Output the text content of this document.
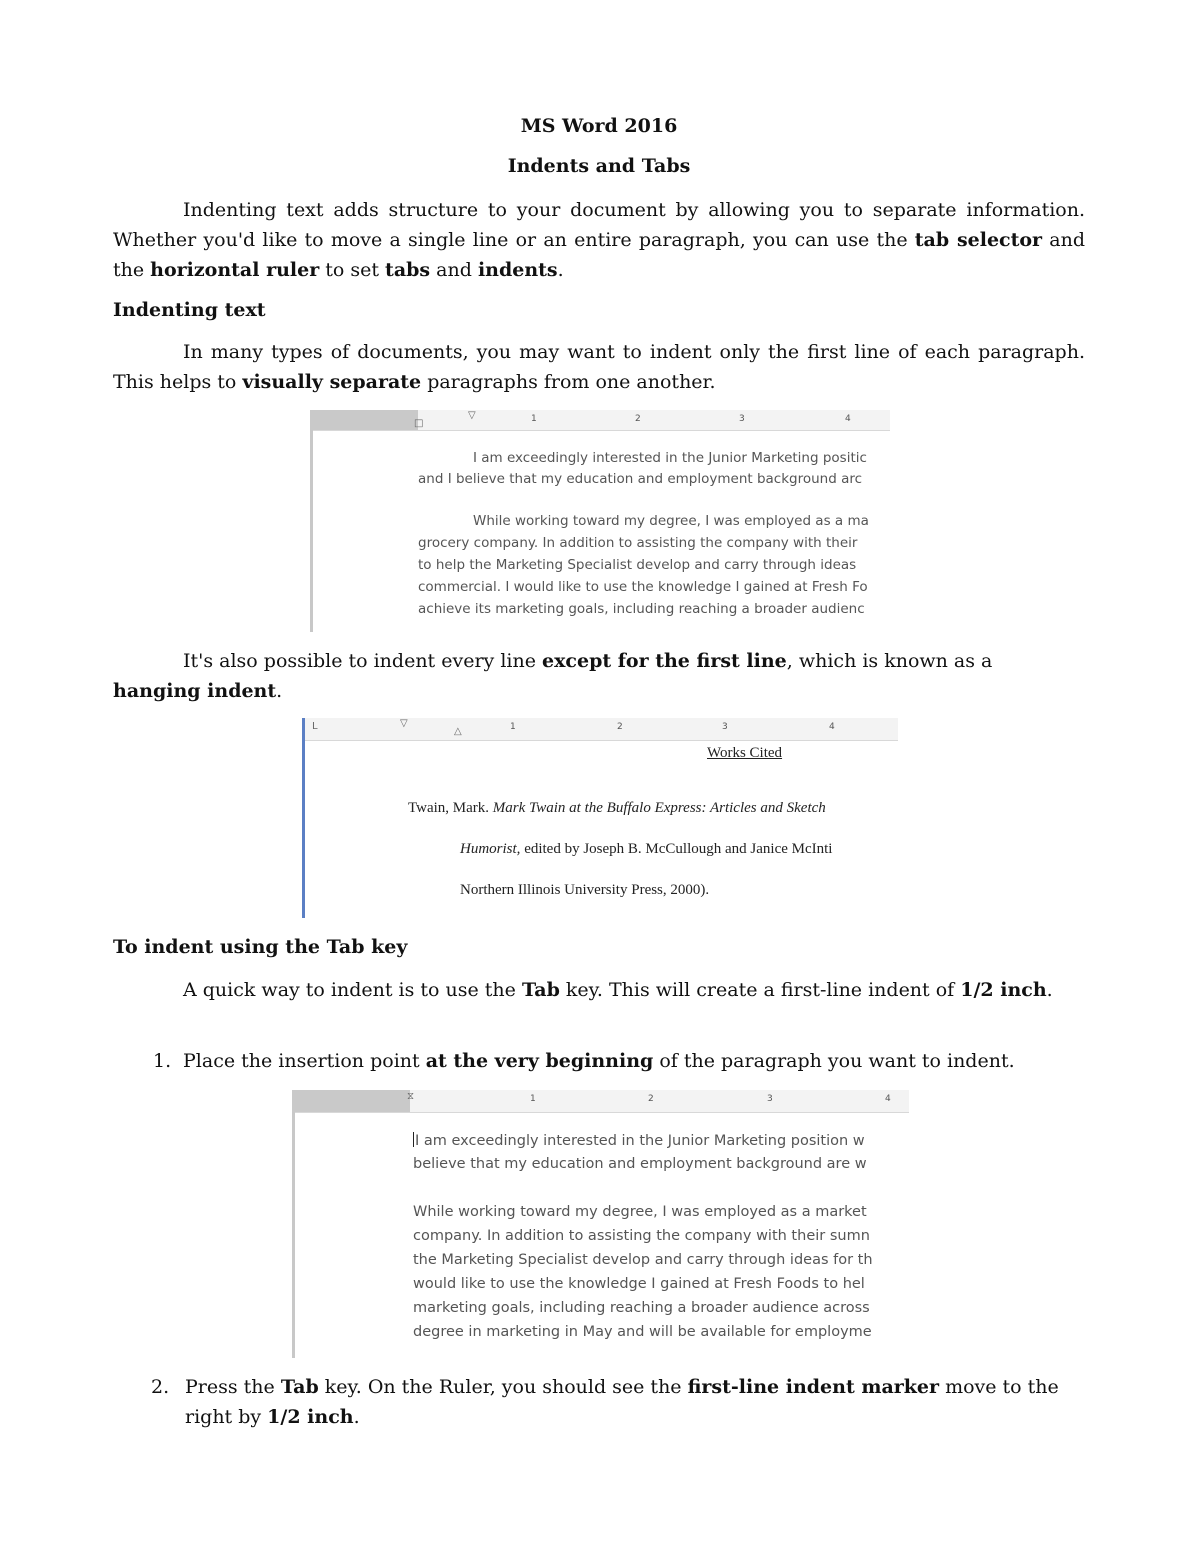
MS Word 2016

Indents and Tabs

Indenting text adds structure to your document by allowing you to separate information. Whether you'd like to move a single line or an entire paragraph, you can use the tab selector and the horizontal ruler to set tabs and indents.

Indenting text

In many types of documents, you may want to indent only the first line of each paragraph. This helps to visually separate paragraphs from one another.

▽
□	1	2	3	4
I am exceedingly interested in the Junior Marketing positic
and I believe that my education and employment background arc
While working toward my degree, I was employed as a ma
grocery company. In addition to assisting the company with their
to help the Marketing Specialist develop and carry through ideas
commercial. I would like to use the knowledge I gained at Fresh Fo
achieve its marketing goals, including reaching a broader audienc

It's also possible to indent every line except for the first line, which is known as a hanging indent.

L	▽
△	1	2	3	4
Works Cited
Twain, Mark. Mark Twain at the Buffalo Express: Articles and Sketch
Humorist, edited by Joseph B. McCullough and Janice McInti
Northern Illinois University Press, 2000).
To indent using the Tab key

A quick way to indent is to use the Tab key. This will create a first-line indent of 1/2 inch.

1. Place the insertion point at the very beginning of the paragraph you want to indent.

⧖	1	2	3	4
I am exceedingly interested in the Junior Marketing position w
believe that my education and employment background are w
While working toward my degree, I was employed as a market
company. In addition to assisting the company with their sumn
the Marketing Specialist develop and carry through ideas for th
would like to use the knowledge I gained at Fresh Foods to hel
marketing goals, including reaching a broader audience across
degree in marketing in May and will be available for employme
2. Press the Tab key. On the Ruler, you should see the first-line indent marker move to the right by 1/2 inch.
